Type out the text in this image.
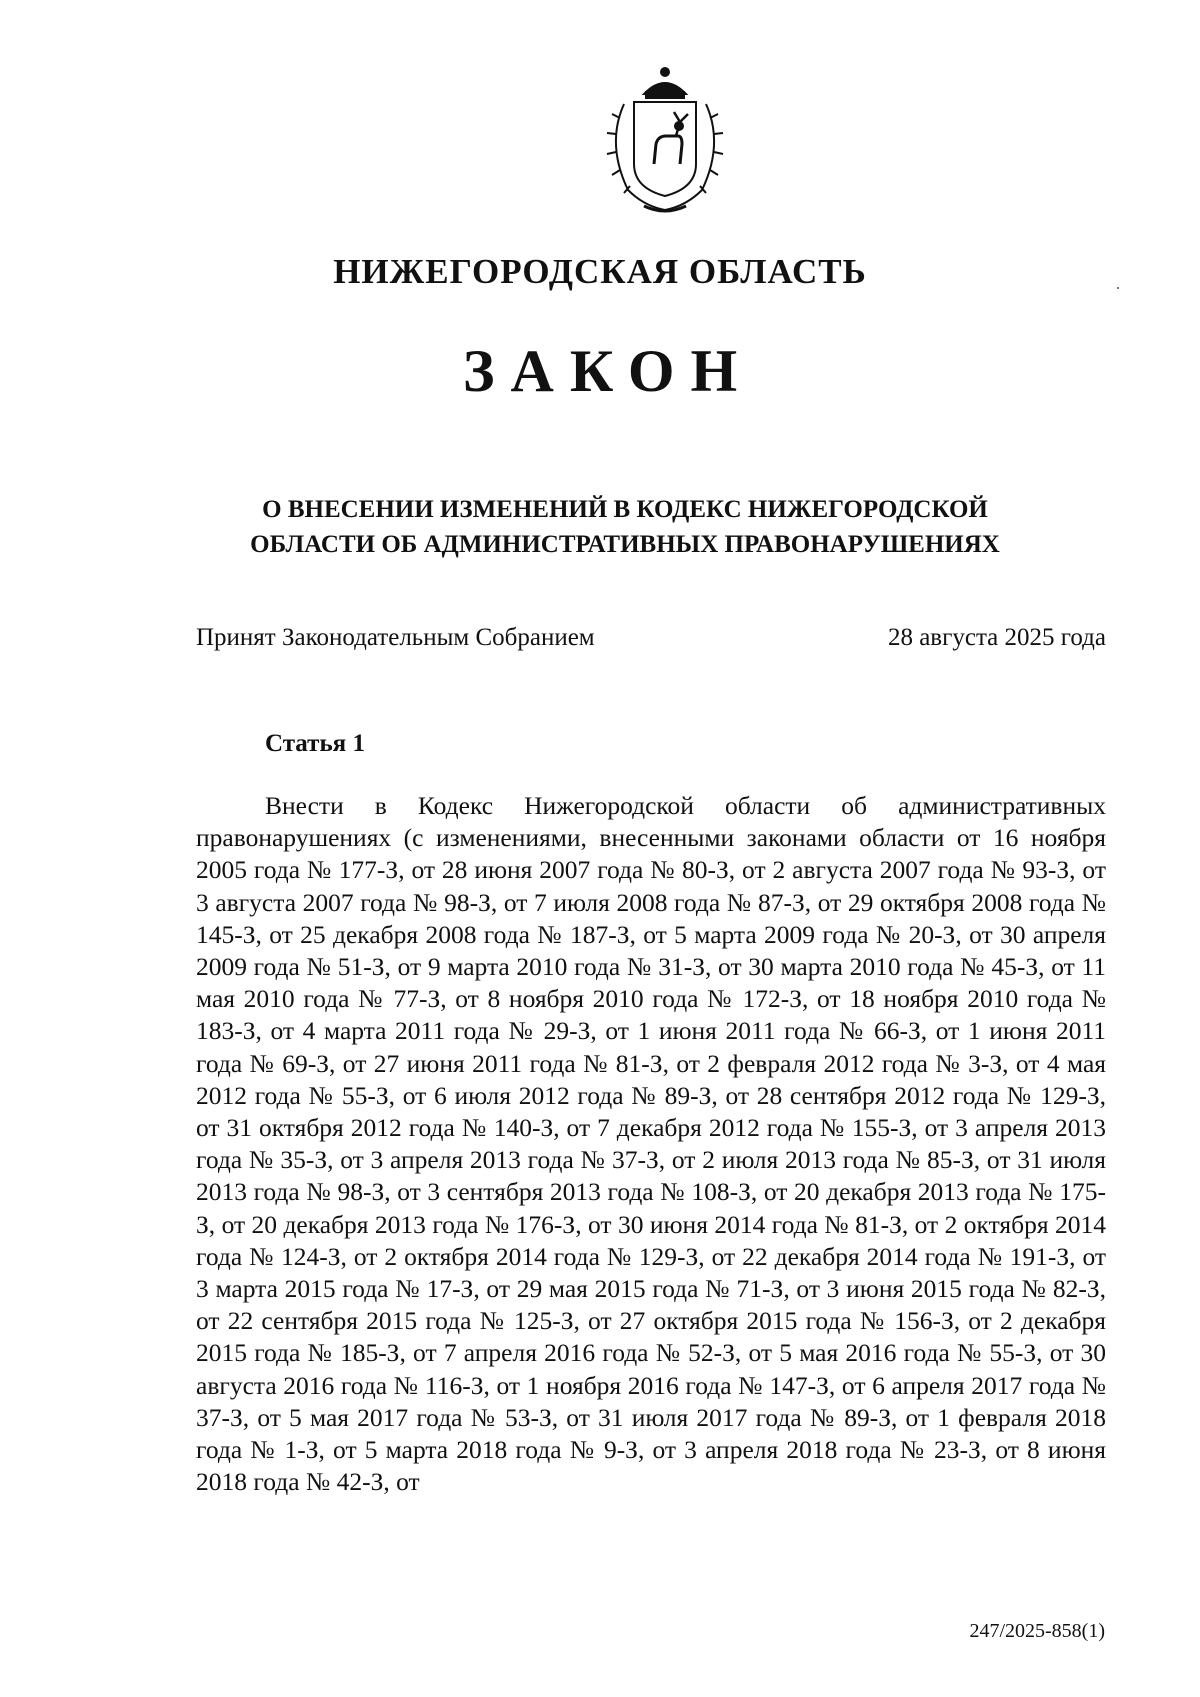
НИЖЕГОРОДСКАЯ ОБЛАСТЬ
ЗАКОН
О ВНЕСЕНИИ ИЗМЕНЕНИЙ В КОДЕКС НИЖЕГОРОДСКОЙ
ОБЛАСТИ ОБ АДМИНИСТРАТИВНЫХ ПРАВОНАРУШЕНИЯХ
Принят Законодательным Собранием	28 августа 2025 года
Статья 1
Внести в Кодекс Нижегородской области об административных правонарушениях (с изменениями, внесенными законами области от 16 ноября 2005 года № 177-З, от 28 июня 2007 года № 80-З, от 2 августа 2007 года № 93-З, от 3 августа 2007 года № 98-З, от 7 июля 2008 года № 87-З, от 29 октября 2008 года № 145-З, от 25 декабря 2008 года № 187-З, от 5 марта 2009 года № 20-З, от 30 апреля 2009 года № 51-З, от 9 марта 2010 года № 31-З, от 30 марта 2010 года № 45-З, от 11 мая 2010 года № 77-З, от 8 ноября 2010 года № 172-З, от 18 ноября 2010 года № 183-З, от 4 марта 2011 года № 29-З, от 1 июня 2011 года № 66-З, от 1 июня 2011 года № 69-З, от 27 июня 2011 года № 81-З, от 2 февраля 2012 года № 3-З, от 4 мая 2012 года № 55-З, от 6 июля 2012 года № 89-З, от 28 сентября 2012 года № 129-З, от 31 октября 2012 года № 140-З, от 7 декабря 2012 года № 155-З, от 3 апреля 2013 года № 35-З, от 3 апреля 2013 года № 37-З, от 2 июля 2013 года № 85-З, от 31 июля 2013 года № 98-З, от 3 сентября 2013 года № 108-З, от 20 декабря 2013 года № 175-З, от 20 декабря 2013 года № 176-З, от 30 июня 2014 года № 81-З, от 2 октября 2014 года № 124-З, от 2 октября 2014 года № 129-З, от 22 декабря 2014 года № 191-З, от 3 марта 2015 года № 17-З, от 29 мая 2015 года № 71-З, от 3 июня 2015 года № 82-З, от 22 сентября 2015 года № 125-З, от 27 октября 2015 года № 156-З, от 2 декабря 2015 года № 185-З, от 7 апреля 2016 года № 52-З, от 5 мая 2016 года № 55-З, от 30 августа 2016 года № 116-З, от 1 ноября 2016 года № 147-З, от 6 апреля 2017 года № 37-З, от 5 мая 2017 года № 53-З, от 31 июля 2017 года № 89-З, от 1 февраля 2018 года № 1-З, от 5 марта 2018 года № 9-З, от 3 апреля 2018 года № 23-З, от 8 июня 2018 года № 42-З, от
247/2025-858(1)
